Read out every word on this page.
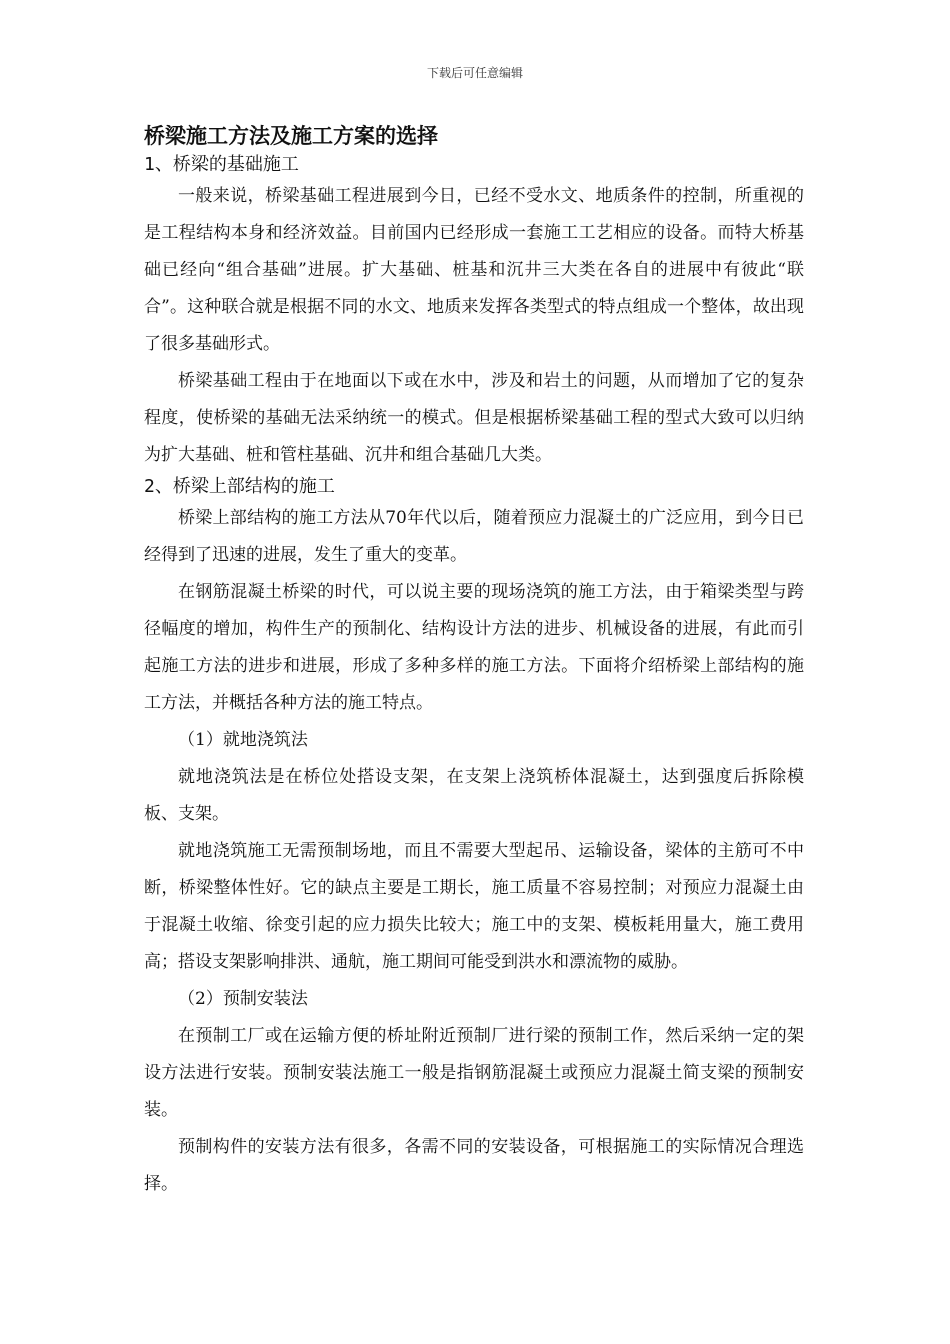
下载后可任意编辑

桥梁施工方法及施工方案的选择

1、桥梁的基础施工

一般来说，桥梁基础工程进展到今日，已经不受水文、地质条件的控制，所重视的是工程结构本身和经济效益。目前国内已经形成一套施工工艺相应的设备。而特大桥基础已经向“组合基础”进展。扩大基础、桩基和沉井三大类在各自的进展中有彼此“联合”。这种联合就是根据不同的水文、地质来发挥各类型式的特点组成一个整体，故出现了很多基础形式。

桥梁基础工程由于在地面以下或在水中，涉及和岩土的问题，从而增加了它的复杂程度，使桥梁的基础无法采纳统一的模式。但是根据桥梁基础工程的型式大致可以归纳为扩大基础、桩和管柱基础、沉井和组合基础几大类。

2、桥梁上部结构的施工

桥梁上部结构的施工方法从70年代以后，随着预应力混凝土的广泛应用，到今日已经得到了迅速的进展，发生了重大的变革。

在钢筋混凝土桥梁的时代，可以说主要的现场浇筑的施工方法，由于箱梁类型与跨径幅度的增加，构件生产的预制化、结构设计方法的进步、机械设备的进展，有此而引起施工方法的进步和进展，形成了多种多样的施工方法。下面将介绍桥梁上部结构的施工方法，并概括各种方法的施工特点。

（1）就地浇筑法

就地浇筑法是在桥位处搭设支架，在支架上浇筑桥体混凝土，达到强度后拆除模板、支架。

就地浇筑施工无需预制场地，而且不需要大型起吊、运输设备，梁体的主筋可不中断，桥梁整体性好。它的缺点主要是工期长，施工质量不容易控制；对预应力混凝土由于混凝土收缩、徐变引起的应力损失比较大；施工中的支架、模板耗用量大，施工费用高；搭设支架影响排洪、通航，施工期间可能受到洪水和漂流物的威胁。

（2）预制安装法

在预制工厂或在运输方便的桥址附近预制厂进行梁的预制工作，然后采纳一定的架设方法进行安装。预制安装法施工一般是指钢筋混凝土或预应力混凝土简支梁的预制安装。

预制构件的安装方法有很多，各需不同的安装设备，可根据施工的实际情况合理选择。
